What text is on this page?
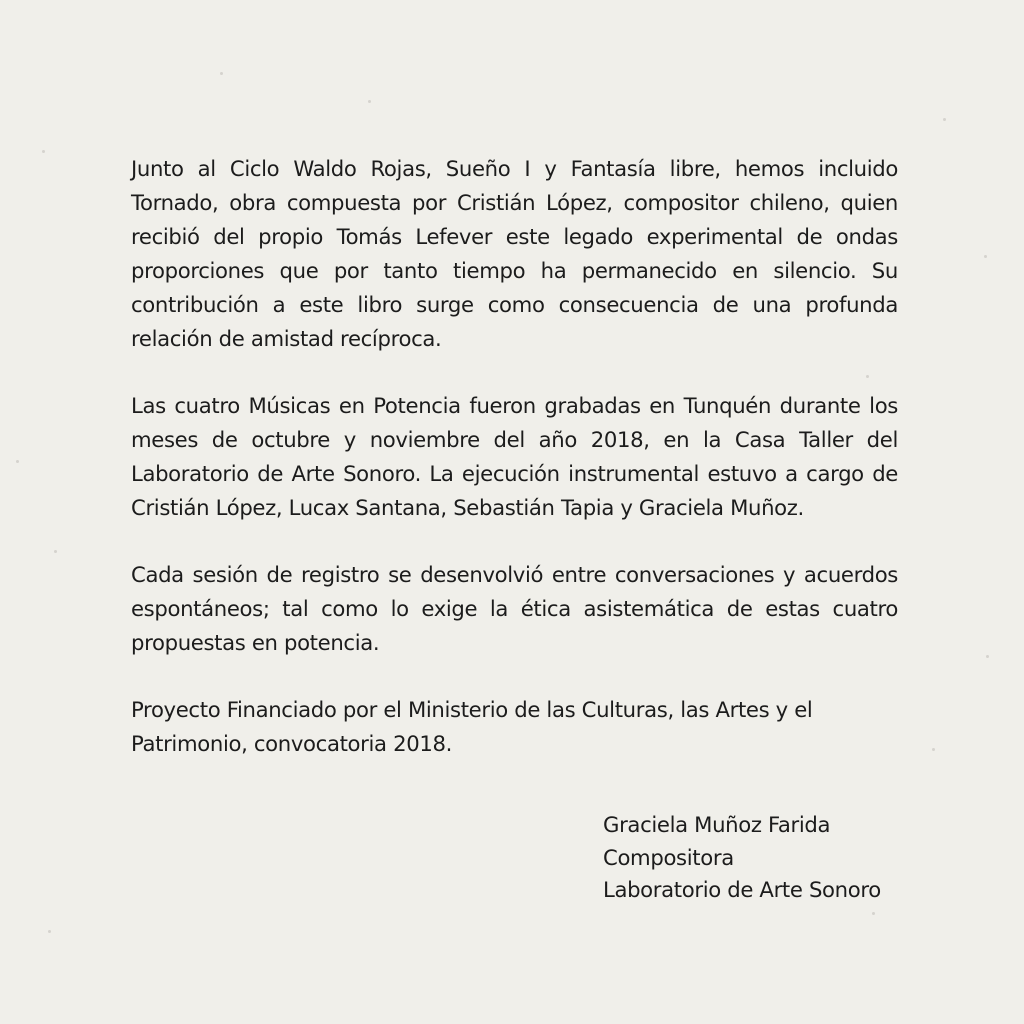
Junto al Ciclo Waldo Rojas, Sueño I y Fantasía libre, hemos incluido Tornado, obra compuesta por Cristián López, compositor chileno, quien recibió del propio Tomás Lefever este legado experimental de ondas proporciones que por tanto tiempo ha permanecido en silencio. Su contribución a este libro surge como consecuencia de una profunda relación de amistad recíproca.

Las cuatro Músicas en Potencia fueron grabadas en Tunquén durante los meses de octubre y noviembre del año 2018, en la Casa Taller del Laboratorio de Arte Sonoro. La ejecución instrumental estuvo a cargo de Cristián López, Lucax Santana, Sebastián Tapia y Graciela Muñoz.

Cada sesión de registro se desenvolvió entre conversaciones y acuerdos espontáneos; tal como lo exige la ética asistemática de estas cuatro propuestas en potencia.

Proyecto Financiado por el Ministerio de las Culturas, las Artes y el Patrimonio, convocatoria 2018.

Graciela Muñoz Farida
Compositora
Laboratorio de Arte Sonoro
